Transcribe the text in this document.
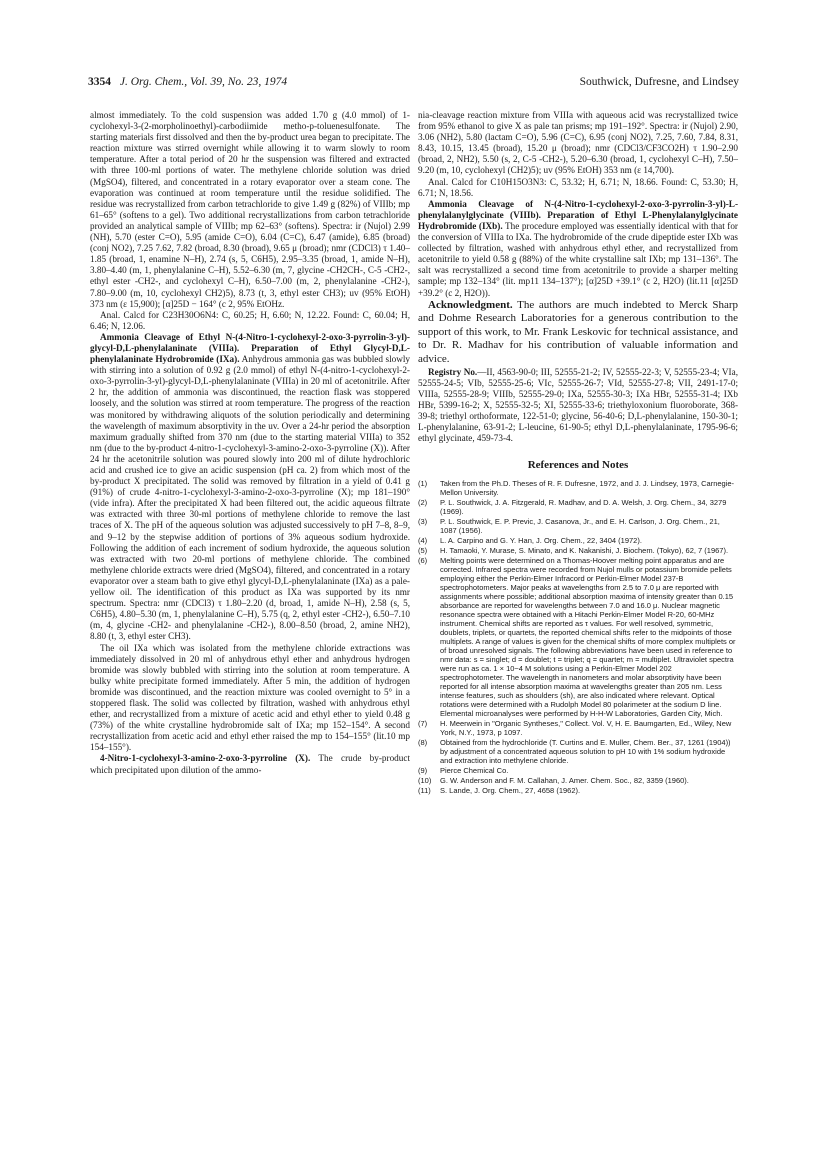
3354 J. Org. Chem., Vol. 39, No. 23, 1974	Southwick, Dufresne, and Lindsey

almost immediately. To the cold suspension was added 1.70 g (4.0 mmol) of 1-cyclohexyl-3-(2-morpholinoethyl)-carbodiimide metho-p-toluenesulfonate. The starting materials first dissolved and then the by-product urea began to precipitate. The reaction mixture was stirred overnight while allowing it to warm slowly to room temperature. After a total period of 20 hr the suspension was filtered and extracted with three 100-ml portions of water. The methylene chloride solution was dried (MgSO4), filtered, and concentrated in a rotary evaporator over a steam cone. The evaporation was continued at room temperature until the residue solidified. The residue was recrystallized from carbon tetrachloride to give 1.49 g (82%) of VIIIb; mp 61–65° (softens to a gel). Two additional recrystallizations from carbon tetrachloride provided an analytical sample of VIIIb; mp 62–63° (softens). Spectra: ir (Nujol) 2.99 (NH), 5.70 (ester C=O), 5.95 (amide C=O), 6.04 (C=C), 6.47 (amide), 6.85 (broad) (conj NO2), 7.25 7.62, 7.82 (broad, 8.30 (broad), 9.65 μ (broad); nmr (CDCl3) τ 1.40–1.85 (broad, 1, enamine N–H), 2.74 (s, 5, C6H5), 2.95–3.35 (broad, 1, amide N–H), 3.80–4.40 (m, 1, phenylalanine C–H), 5.52–6.30 (m, 7, glycine -CH2CH-, C-5 -CH2-, ethyl ester -CH2-, and cyclohexyl C–H), 6.50–7.00 (m, 2, phenylalanine -CH2-), 7.80–9.00 (m, 10, cyclohexyl CH2)5), 8.73 (t, 3, ethyl ester CH3); uv (95% EtOH) 373 nm (ε 15,900); [α]25D − 164° (c 2, 95% EtOHz.

Anal. Calcd for C23H30O6N4: C, 60.25; H, 6.60; N, 12.22. Found: C, 60.04; H, 6.46; N, 12.06.

Ammonia Cleavage of Ethyl N-(4-Nitro-1-cyclohexyl-2-oxo-3-pyrrolin-3-yl)-glycyl-D,L-phenylalaninate (VIIIa). Preparation of Ethyl Glycyl-D,L-phenylalaninate Hydrobromide (IXa). Anhydrous ammonia gas was bubbled slowly with stirring into a solution of 0.92 g (2.0 mmol) of ethyl N-(4-nitro-1-cyclohexyl-2-oxo-3-pyrrolin-3-yl)-glycyl-D,L-phenylalaninate (VIIIa) in 20 ml of acetonitrile. After 2 hr, the addition of ammonia was discontinued, the reaction flask was stoppered loosely, and the solution was stirred at room temperature. The progress of the reaction was monitored by withdrawing aliquots of the solution periodically and determining the wavelength of maximum absorptivity in the uv. Over a 24-hr period the absorption maximum gradually shifted from 370 nm (due to the starting material VIIIa) to 352 nm (due to the by-product 4-nitro-1-cyclohexyl-3-amino-2-oxo-3-pyrroline (X)). After 24 hr the acetonitrile solution was poured slowly into 200 ml of dilute hydrochloric acid and crushed ice to give an acidic suspension (pH ca. 2) from which most of the by-product X precipitated. The solid was removed by filtration in a yield of 0.41 g (91%) of crude 4-nitro-1-cyclohexyl-3-amino-2-oxo-3-pyrroline (X); mp 181–190° (vide infra). After the precipitated X had been filtered out, the acidic aqueous filtrate was extracted with three 30-ml portions of methylene chloride to remove the last traces of X. The pH of the aqueous solution was adjusted successively to pH 7–8, 8–9, and 9–12 by the stepwise addition of portions of 3% aqueous sodium hydroxide. Following the addition of each increment of sodium hydroxide, the aqueous solution was extracted with two 20-ml portions of methylene chloride. The combined methylene chloride extracts were dried (MgSO4), filtered, and concentrated in a rotary evaporator over a steam bath to give ethyl glycyl-D,L-phenylalaninate (IXa) as a pale-yellow oil. The identification of this product as IXa was supported by its nmr spectrum. Spectra: nmr (CDCl3) τ 1.80–2.20 (d, broad, 1, amide N–H), 2.58 (s, 5, C6H5), 4.80–5.30 (m, 1, phenylalanine C–H), 5.75 (q, 2, ethyl ester -CH2-), 6.50–7.10 (m, 4, glycine -CH2- and phenylalanine -CH2-), 8.00–8.50 (broad, 2, amine NH2), 8.80 (t, 3, ethyl ester CH3).

The oil IXa which was isolated from the methylene chloride extractions was immediately dissolved in 20 ml of anhydrous ethyl ether and anhydrous hydrogen bromide was slowly bubbled with stirring into the solution at room temperature. A bulky white precipitate formed immediately. After 5 min, the addition of hydrogen bromide was discontinued, and the reaction mixture was cooled overnight to 5° in a stoppered flask. The solid was collected by filtration, washed with anhydrous ethyl ether, and recrystallized from a mixture of acetic acid and ethyl ether to yield 0.48 g (73%) of the white crystalline hydrobromide salt of IXa; mp 152–154°. A second recrystallization from acetic acid and ethyl ether raised the mp to 154–155° (lit.10 mp 154–155°).

4-Nitro-1-cyclohexyl-3-amino-2-oxo-3-pyrroline (X). The crude by-product which precipitated upon dilution of the ammo-

nia-cleavage reaction mixture from VIIIa with aqueous acid was recrystallized twice from 95% ethanol to give X as pale tan prisms; mp 191–192°. Spectra: ir (Nujol) 2.90, 3.06 (NH2), 5.80 (lactam C=O), 5.96 (C=C), 6.95 (conj NO2), 7.25, 7.60, 7.84, 8.31, 8.43, 10.15, 13.45 (broad), 15.20 μ (broad); nmr (CDCl3/CF3CO2H) τ 1.90–2.90 (broad, 2, NH2), 5.50 (s, 2, C-5 -CH2-), 5.20–6.30 (broad, 1, cyclohexyl C–H), 7.50–9.20 (m, 10, cyclohexyl (CH2)5); uv (95% EtOH) 353 nm (ε 14,700).

Anal. Calcd for C10H15O3N3: C, 53.32; H, 6.71; N, 18.66. Found: C, 53.30; H, 6.71; N, 18.56.

Ammonia Cleavage of N-(4-Nitro-1-cyclohexyl-2-oxo-3-pyrrolin-3-yl)-L-phenylalanylglycinate (VIIIb). Preparation of Ethyl L-Phenylalanylglycinate Hydrobromide (IXb). The procedure employed was essentially identical with that for the conversion of VIIIa to IXa. The hydrobromide of the crude dipeptide ester IXb was collected by filtration, washed with anhydrous ethyl ether, and recrystallized from acetonitrile to yield 0.58 g (88%) of the white crystalline salt IXb; mp 131–136°. The salt was recrystallized a second time from acetonitrile to provide a sharper melting sample; mp 132–134° (lit. mp11 134–137°); [α]25D +39.1° (c 2, H2O) (lit.11 [α]25D +39.2° (c 2, H2O)).

Acknowledgment. The authors are much indebted to Merck Sharp and Dohme Research Laboratories for a generous contribution to the support of this work, to Mr. Frank Leskovic for technical assistance, and to Dr. R. Madhav for his contribution of valuable information and advice.

Registry No.—II, 4563-90-0; III, 52555-21-2; IV, 52555-22-3; V, 52555-23-4; VIa, 52555-24-5; VIb, 52555-25-6; VIc, 52555-26-7; VId, 52555-27-8; VII, 2491-17-0; VIIIa, 52555-28-9; VIIIb, 52555-29-0; IXa, 52555-30-3; IXa HBr, 52555-31-4; IXb HBr, 5399-16-2; X, 52555-32-5; XI, 52555-33-6; triethyloxonium fluoroborate, 368-39-8; triethyl orthoformate, 122-51-0; glycine, 56-40-6; D,L-phenylalanine, 150-30-1; L-phenylalanine, 63-91-2; L-leucine, 61-90-5; ethyl D,L-phenylalaninate, 1795-96-6; ethyl glycinate, 459-73-4.

References and Notes
(1) Taken from the Ph.D. Theses of R. F. Dufresne, 1972, and J. J. Lindsey, 1973, Carnegie-Mellon University.
(2) P. L. Southwick, J. A. Fitzgerald, R. Madhav, and D. A. Welsh, J. Org. Chem., 34, 3279 (1969).
(3) P. L. Southwick, E. P. Previc, J. Casanova, Jr., and E. H. Carlson, J. Org. Chem., 21, 1087 (1956).
(4) L. A. Carpino and G. Y. Han, J. Org. Chem., 22, 3404 (1972).
(5) H. Tamaoki, Y. Murase, S. Minato, and K. Nakanishi, J. Biochem. (Tokyo), 62, 7 (1967).
(6) Melting points were determined on a Thomas-Hoover melting point apparatus and are corrected. Infrared spectra were recorded from Nujol mulls or potassium bromide pellets employing either the Perkin-Elmer Infracord or Perkin-Elmer Model 237-B spectrophotometers. Major peaks at wavelengths from 2.5 to 7.0 μ are reported with assignments where possible; additional absorption maxima of intensity greater than 0.15 absorbance are reported for wavelengths between 7.0 and 16.0 μ. Nuclear magnetic resonance spectra were obtained with a Hitachi Perkin-Elmer Model R-20, 60-MHz instrument. Chemical shifts are reported as τ values. For well resolved, symmetric, doublets, triplets, or quartets, the reported chemical shifts refer to the midpoints of those multiplets. A range of values is given for the chemical shifts of more complex multiplets or of broad unresolved signals. The following abbreviations have been used in reference to nmr data: s = singlet; d = doublet; t = triplet; q = quartet; m = multiplet. Ultraviolet spectra were run as ca. 1 × 10−4 M solutions using a Perkin-Elmer Model 202 spectrophotometer. The wavelength in nanometers and molar absorptivity have been reported for all intense absorption maxima at wavelengths greater than 205 nm. Less intense features, such as shoulders (sh), are also indicated where relevant. Optical rotations were determined with a Rudolph Model 80 polarimeter at the sodium D line. Elemental microanalyses were performed by H-H-W Laboratories, Garden City, Mich.
(7) H. Meerwein in "Organic Syntheses," Collect. Vol. V, H. E. Baumgarten, Ed., Wiley, New York, N.Y., 1973, p 1097.
(8) Obtained from the hydrochloride (T. Curtins and E. Muller, Chem. Ber., 37, 1261 (1904)) by adjustment of a concentrated aqueous solution to pH 10 with 1% sodium hydroxide and extraction into methylene chloride.
(9) Pierce Chemical Co.
(10) G. W. Anderson and F. M. Callahan, J. Amer. Chem. Soc., 82, 3359 (1960).
(11) S. Lande, J. Org. Chem., 27, 4658 (1962).
